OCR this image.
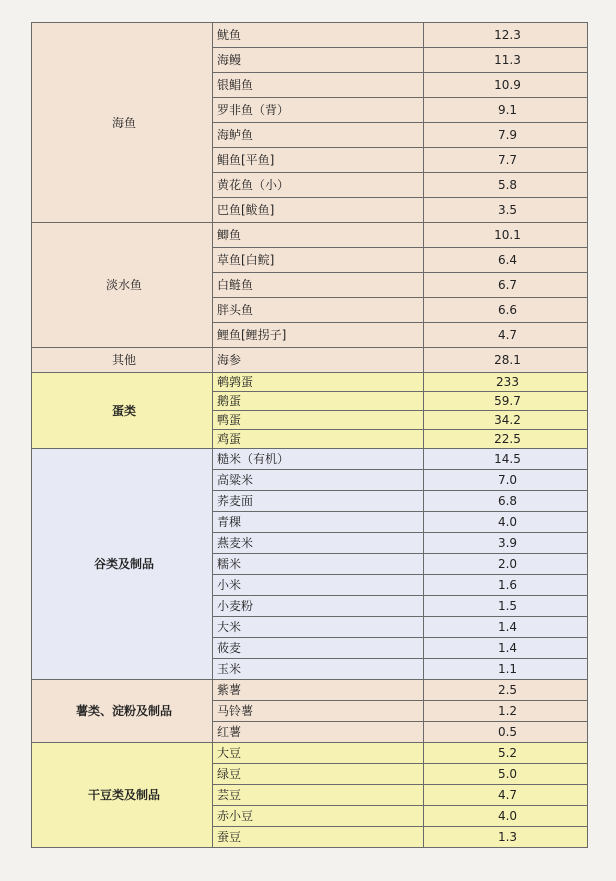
海鱼	鱿鱼	12.3
	海鳗	11.3
	银鲳鱼	10.9
	罗非鱼（背）	9.1
	海鲈鱼	7.9
	鲳鱼[平鱼]	7.7
	黄花鱼（小）	5.8
	巴鱼[鲅鱼]	3.5
淡水鱼	鲫鱼	10.1
	草鱼[白鲩]	6.4
	白鲢鱼	6.7
	胖头鱼	6.6
	鲤鱼[鲤拐子]	4.7
其他	海参	28.1
蛋类	鹌鹑蛋	233
	鹅蛋	59.7
	鸭蛋	34.2
	鸡蛋	22.5
谷类及制品	糙米（有机）	14.5
	高粱米	7.0
	荞麦面	6.8
	青稞	4.0
	燕麦米	3.9
	糯米	2.0
	小米	1.6
	小麦粉	1.5
	大米	1.4
	莜麦	1.4
	玉米	1.1
薯类、淀粉及制品	紫薯	2.5
	马铃薯	1.2
	红薯	0.5
干豆类及制品	大豆	5.2
	绿豆	5.0
	芸豆	4.7
	赤小豆	4.0
	蚕豆	1.3
